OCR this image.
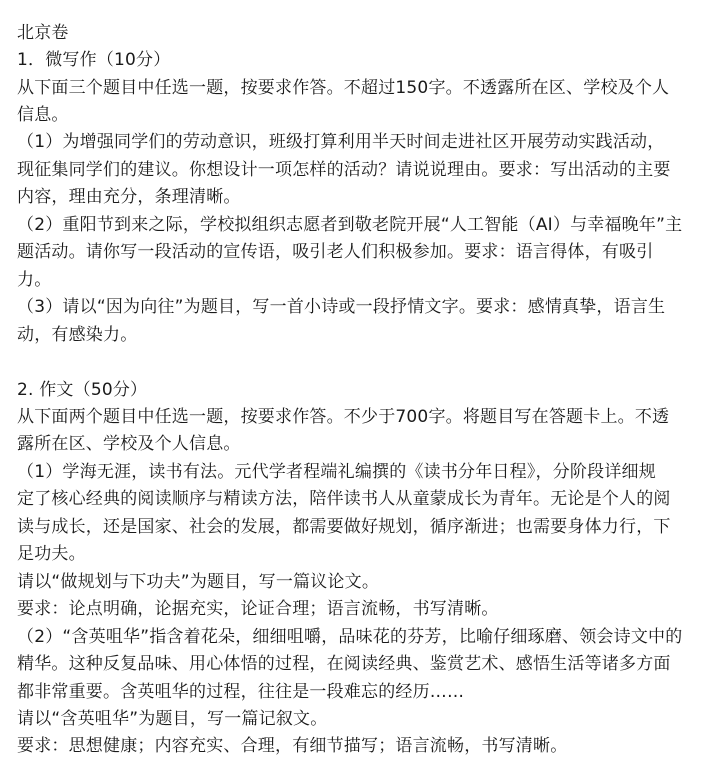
北京卷
1．微写作（10分）
从下面三个题目中任选一题，按要求作答。不超过150字。不透露所在区、学校及个人
信息。
（1）为增强同学们的劳动意识，班级打算利用半天时间走进社区开展劳动实践活动，
现征集同学们的建议。你想设计一项怎样的活动？请说说理由。要求：写出活动的主要
内容，理由充分，条理清晰。
（2）重阳节到来之际，学校拟组织志愿者到敬老院开展“人工智能（AI）与幸福晚年”主
题活动。请你写一段活动的宣传语，吸引老人们积极参加。要求：语言得体，有吸引
力。
（3）请以“因为向往”为题目，写一首小诗或一段抒情文字。要求：感情真挚，语言生
动，有感染力。
2. 作文（50分）
从下面两个题目中任选一题，按要求作答。不少于700字。将题目写在答题卡上。不透
露所在区、学校及个人信息。
（1）学海无涯，读书有法。元代学者程端礼编撰的《读书分年日程》，分阶段详细规
定了核心经典的阅读顺序与精读方法，陪伴读书人从童蒙成长为青年。无论是个人的阅
读与成长，还是国家、社会的发展，都需要做好规划，循序渐进；也需要身体力行，下
足功夫。
请以“做规划与下功夫”为题目，写一篇议论文。
要求：论点明确，论据充实，论证合理；语言流畅，书写清晰。
（2）“含英咀华”指含着花朵，细细咀嚼，品味花的芬芳，比喻仔细琢磨、领会诗文中的
精华。这种反复品味、用心体悟的过程，在阅读经典、鉴赏艺术、感悟生活等诸多方面
都非常重要。含英咀华的过程，往往是一段难忘的经历……
请以“含英咀华”为题目，写一篇记叙文。
要求：思想健康；内容充实、合理，有细节描写；语言流畅，书写清晰。
